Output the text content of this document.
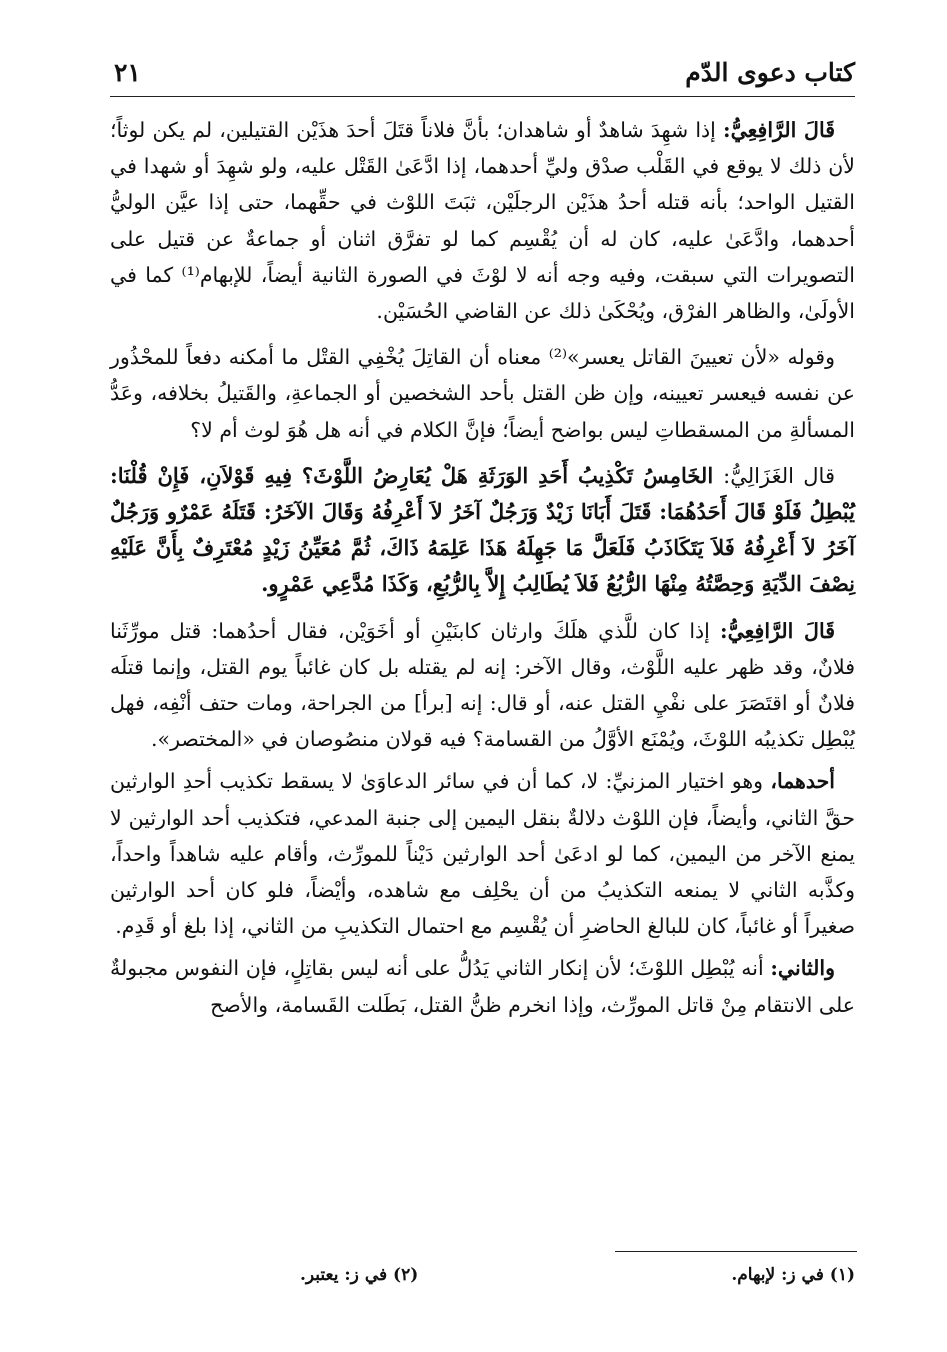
كتاب دعوى الدّم
٢١

قَالَ الرَّافِعِيُّ: إذا شهِدَ شاهدٌ أو شاهدان؛ بأنَّ فلاناً قتَلَ أحدَ هذَيْن القتيلين، لم يكن لوثاً؛ لأن ذلك لا يوقع في القَلْب صدْق وليِّ أحدهما، إذا ادَّعَىٰ القَتْل عليه، ولو شهِدَ أو شهدا في القتيل الواحد؛ بأنه قتله أحدُ هذَيْن الرجلَيْن، ثبَتَ اللوْث في حقِّهما، حتى إذا عيَّن الوليُّ أحدهما، وادَّعَىٰ عليه، كان له أن يُقْسِم كما لو تفرَّق اثنان أو جماعةٌ عن قتيل على التصويرات التي سبقت، وفيه وجه أنه لا لوْثَ في الصورة الثانية أيضاً، للإبهام⁽¹⁾ كما في الأولَىٰ، والظاهر الفرْق، ويُحْكَىٰ ذلك عن القاضي الحُسَيْن.

وقوله «لأن تعيينَ القاتل يعسر»⁽²⁾ معناه أن القاتِلَ يُخْفِي القتْل ما أمكنه دفعاً للمحْذُور عن نفسه فيعسر تعيينه، وإن ظن القتل بأحد الشخصين أو الجماعةِ، والقَتيلُ بخلافه، وعَدُّ المسألةِ من المسقطاتِ ليس بواضح أيضاً؛ فإنَّ الكلام في أنه هل هُوَ لوث أم لا؟

قال الغَزَالِيُّ: الخَامِسُ تَكْذِيبُ أَحَدِ الوَرَثَةِ هَلْ يُعَارِضُ اللَّوْثَ؟ فِيهِ قَوْلاَنِ، فَإِنْ قُلْنَا: يُبْطِلُ فَلَوْ قَالَ أَحَدُهُمَا: قَتَلَ أَبَانَا زَيْدٌ وَرَجُلٌ آخَرُ لاَ أَعْرِفُهُ وَقَالَ الآخَرُ: قَتَلَهُ عَمْرٌو وَرَجُلٌ آخَرُ لاَ أَعْرِفُهُ فَلاَ يَتَكَاذَبُ فَلَعَلَّ مَا جَهِلَهُ هَذَا عَلِمَهُ ذَاكَ، ثُمَّ مُعَيِّنُ زَيْدٍ مُعْتَرِفٌ بِأَنَّ عَلَيْهِ نِصْفَ الدِّيَةِ وَحِصَّتُهُ مِنْهَا الرُّبُعُ فَلاَ يُطَالِبُ إِلاَّ بِالرُّبُعِ، وَكَذَا مُدَّعِي عَمْرٍو.

قَالَ الرَّافِعِيُّ: إذا كان للَّذي هلَكَ وارثان كابنَيْنِ أو أخَوَيْن، فقال أحدُهما: قتل مورِّثَنا فلانٌ، وقد ظهر عليه اللَّوْث، وقال الآخر: إنه لم يقتله بل كان غائباً يوم القتل، وإنما قتلَه فلانٌ أو اقتَصَرَ على نفْيِ القتل عنه، أو قال: إنه [برأ] من الجراحة، ومات حتف أنْفِه، فهل يُبْطِل تكذيبُه اللوْثَ، ويُمْنَع الأوَّلُ من القسامة؟ فيه قولان منصُوصان في «المختصر».

أحدهما، وهو اختيار المزنيِّ: لا، كما أن في سائر الدعاوَىٰ لا يسقط تكذيب أحدِ الوارثين حقَّ الثاني، وأيضاً، فإن اللوْث دلالةٌ بنقل اليمين إلى جنبة المدعي، فتكذيب أحد الوارثين لا يمنع الآخر من اليمين، كما لو ادعَىٰ أحد الوارثين دَيْناً للمورِّث، وأقام عليه شاهداً واحداً، وكذَّبه الثاني لا يمنعه التكذيبُ من أن يحْلِف مع شاهده، وأيْضاً، فلو كان أحد الوارثين صغيراً أو غائباً، كان للبالغ الحاضرِ أن يُقْسِم مع احتمال التكذيبِ من الثاني، إذا بلغ أو قَدِم.

والثاني: أنه يُبْطِل اللوْثَ؛ لأن إنكار الثاني يَدُلُّ على أنه ليس بقاتِلٍ، فإن النفوس مجبولةٌ على الانتقام مِنْ قاتل المورِّث، وإذا انخرم ظنُّ القتل، بَطَلت القَسامة، والأصح

(١) في ز: لإبهام.
(٢) في ز: يعتبر.
